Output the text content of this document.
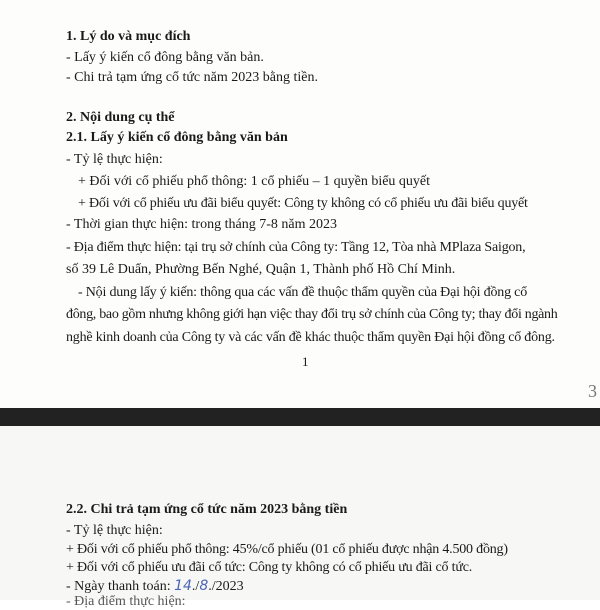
1. Lý do và mục đích
- Lấy ý kiến cổ đông bằng văn bản.
- Chi trả tạm ứng cổ tức năm 2023 bằng tiền.
2. Nội dung cụ thể
2.1. Lấy ý kiến cổ đông bằng văn bản
- Tỷ lệ thực hiện:
+ Đối với cổ phiếu phổ thông: 1 cổ phiếu – 1 quyền biểu quyết
+ Đối với cổ phiếu ưu đãi biểu quyết: Công ty không có cổ phiếu ưu đãi biểu quyết
- Thời gian thực hiện: trong tháng 7-8 năm 2023
- Địa điểm thực hiện: tại trụ sở chính của Công ty: Tầng 12, Tòa nhà MPlaza Saigon,
số 39 Lê Duẩn, Phường Bến Nghé, Quận 1, Thành phố Hồ Chí Minh.
- Nội dung lấy ý kiến: thông qua các vấn đề thuộc thẩm quyền của Đại hội đồng cổ
đông, bao gồm nhưng không giới hạn việc thay đổi trụ sở chính của Công ty; thay đổi ngành
nghề kinh doanh của Công ty và các vấn đề khác thuộc thẩm quyền Đại hội đồng cổ đông.
1
3
2.2. Chi trả tạm ứng cổ tức năm 2023 bằng tiền
- Tỷ lệ thực hiện:
+ Đối với cổ phiếu phổ thông: 45%/cổ phiếu (01 cổ phiếu được nhận 4.500 đồng)
+ Đối với cổ phiếu ưu đãi cổ tức: Công ty không có cổ phiếu ưu đãi cổ tức.
- Ngày thanh toán: 14./8./2023
- Địa điểm thực hiện:
